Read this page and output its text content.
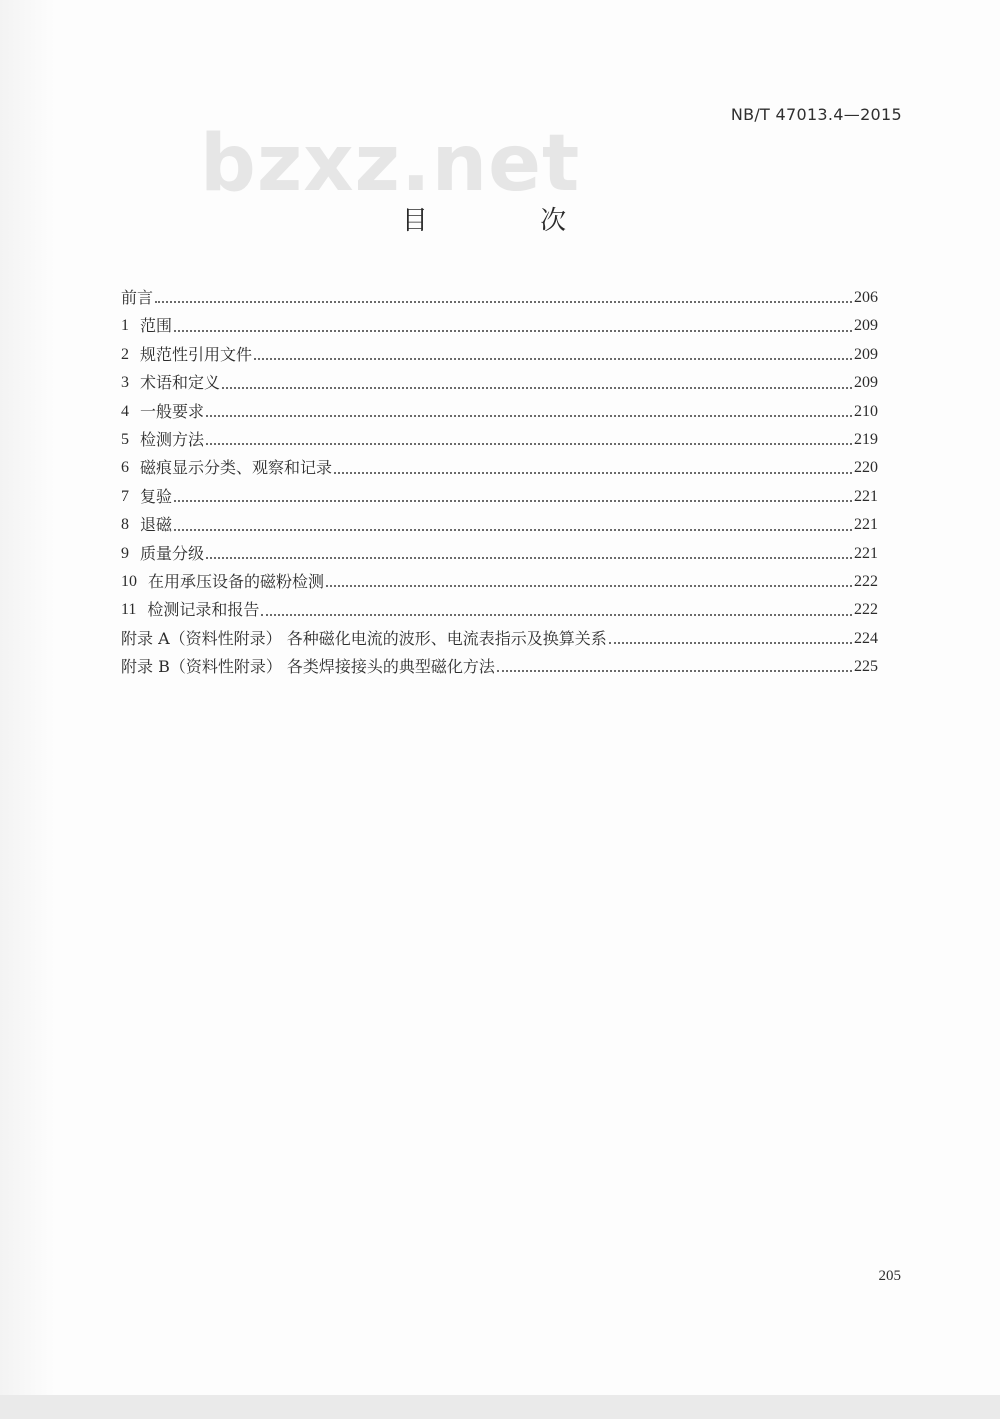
NB/T 47013.4—2015
bzxz.net
目 次
前言	206
1 范围	209
2 规范性引用文件	209
3 术语和定义	209
4 一般要求	210
5 检测方法	219
6 磁痕显示分类、观察和记录	220
7 复验	221
8 退磁	221
9 质量分级	221
10 在用承压设备的磁粉检测	222
11 检测记录和报告	222
附录 A（资料性附录） 各种磁化电流的波形、电流表指示及换算关系	224
附录 B（资料性附录） 各类焊接接头的典型磁化方法	225
205
